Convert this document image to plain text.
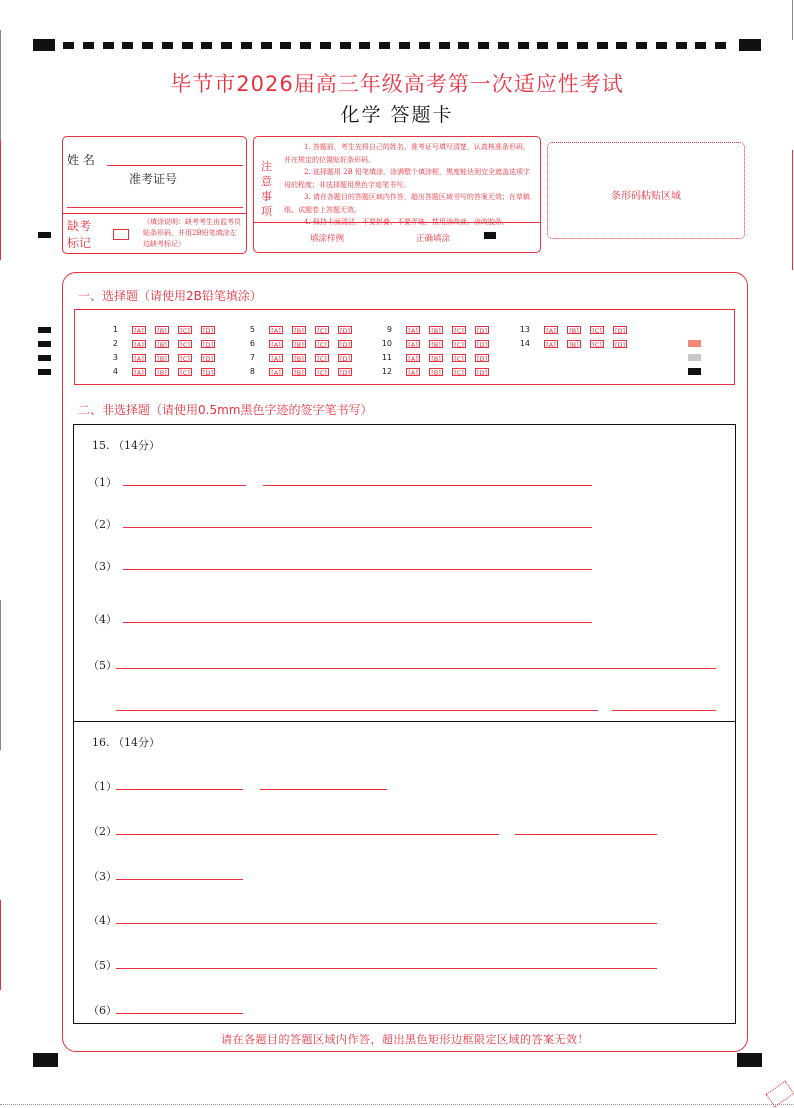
毕节市2026届高三年级高考第一次适应性考试
化学 答题卡
姓 名
准考证号
缺考
标记
（填涂说明：缺考考生由监考员贴条形码，并用2B铅笔填涂左边缺考标记）
注
意
事
项
1. 答题前，考生先将自己的姓名、准考证号填写清楚，认真核准条形码，并在规定的位置贴好条形码。
2. 选择题用 2B 铅笔填涂，涂满整个填涂框，黑度能达到完全遮盖选项字母的程度；非选择题用黑色字迹笔书写。
3. 请在各题目的答题区域内作答，超出答题区域书写的答案无效；在草稿纸、试题卷上答题无效。
4. 保持卡面清洁，不要折叠、不要弄破，禁用涂改液、涂改胶条。
填涂样例	正确填涂
条形码粘贴区域
一、选择题（请使用2B铅笔填涂）
1	[A]	[B]	[C]	[D]
2	[A]	[B]	[C]	[D]
3	[A]	[B]	[C]	[D]
4	[A]	[B]	[C]	[D]
5	[A]	[B]	[C]	[D]
6	[A]	[B]	[C]	[D]
7	[A]	[B]	[C]	[D]
8	[A]	[B]	[C]	[D]
9	[A]	[B]	[C]	[D]
10	[A]	[B]	[C]	[D]
11	[A]	[B]	[C]	[D]
12	[A]	[B]	[C]	[D]
13	[A]	[B]	[C]	[D]
14	[A]	[B]	[C]	[D]
二、非选择题（请使用0.5mm黑色字迹的签字笔书写）
15. （14分）
（1）
（2）
（3）
（4）
（5）
16. （14分）
（1）
（2）
（3）
（4）
（5）
（6）
请在各题目的答题区域内作答，超出黑色矩形边框限定区域的答案无效！
